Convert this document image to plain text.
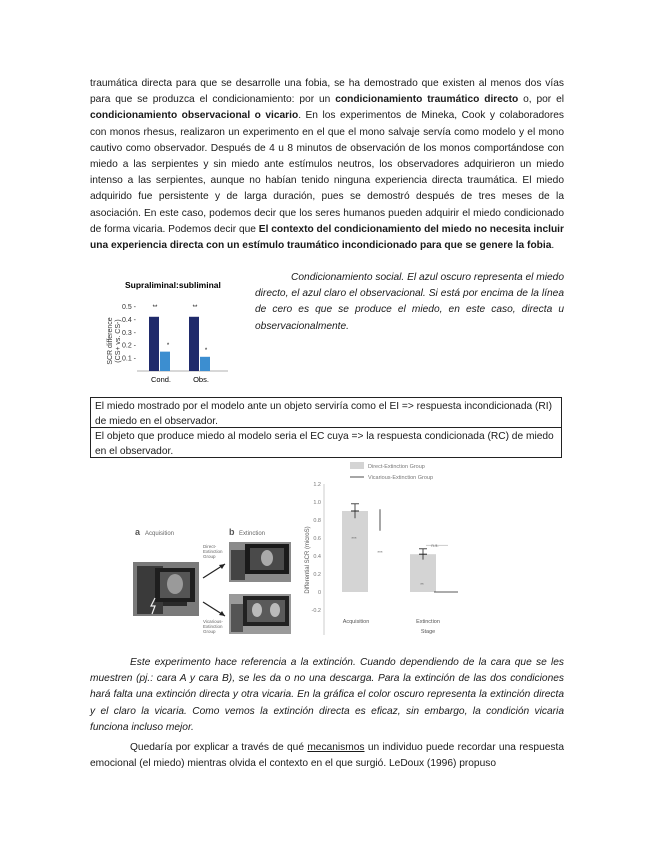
traumática directa para que se desarrolle una fobia, se ha demostrado que existen al menos dos vías para que se produzca el condicionamiento: por un condicionamiento traumático directo o, por el condicionamiento observacional o vicario. En los experimentos de Mineka, Cook y colaboradores con monos rhesus, realizaron un experimento en el que el mono salvaje servía como modelo y el mono cautivo como observador. Después de 4 u 8 minutos de observación de los monos comportándose con miedo a las serpientes y sin miedo ante estímulos neutros, los observadores adquirieron un miedo intenso a las serpientes, aunque no habían tenido ninguna experiencia directa traumática. El miedo adquirido fue persistente y de larga duración, pues se demostró después de tres meses de la asociación. En este caso, podemos decir que los seres humanos pueden adquirir el miedo condicionado de forma vicaria. Podemos decir que El contexto del condicionamiento del miedo no necesita incluir una experiencia directa con un estímulo traumático incondicionado para que se genere la fobia.

Supraliminal:subliminal
SCR difference (CS+ vs. CS-)
0.5 -
0.4 -
0.3 -
0.2 -
0.1 -
Cond.	Obs.
**	**
*
*

Condicionamiento social. El azul oscuro representa el miedo directo, el azul claro el observacional. Si está por encima de la línea de cero es que se produce el miedo, en este caso, directa u observacionalmente.

El miedo mostrado por el modelo ante un objeto serviría como el EI => respuesta incondicionada (RI) de miedo en el observador.
El objeto que produce miedo al modelo seria el EC cuya => la respuesta condicionada (RC) de miedo en el observador.
a Acquisition	b Extinction
Direct- Extinction Group
Vicarious- Extinction Group
Direct-Extinction Group
Vicarious-Extinction Group
Differential SCR (microS)
1.2
1.0
0.8
0.6
0.4
0.2
0
-0.2
Acquisition	Extinction
Stage
***
***
**
n.s.

Este experimento hace referencia a la extinción. Cuando dependiendo de la cara que se les muestren (pj.: cara A y cara B), se les da o no una descarga. Para la extinción de las dos condiciones hará falta una extinción directa y otra vicaria. En la gráfica el color oscuro representa la extinción directa y el claro la vicaria. Como vemos la extinción directa es eficaz, sin embargo, la condición vicaria funciona incluso mejor.

Quedaría por explicar a través de qué mecanismos un individuo puede recordar una respuesta emocional (el miedo) mientras olvida el contexto en el que surgió. LeDoux (1996) propuso
